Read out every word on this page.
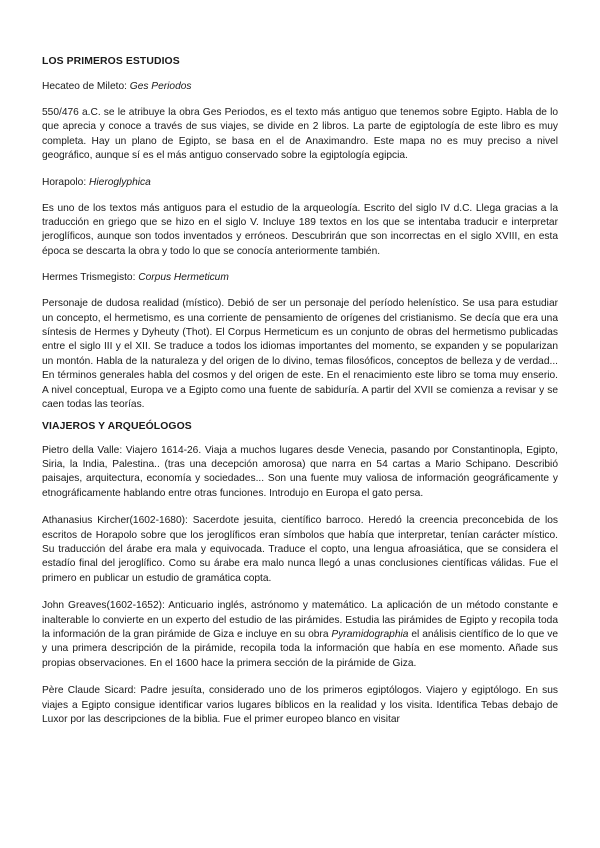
LOS PRIMEROS ESTUDIOS
Hecateo de Mileto: Ges Periodos

550/476 a.C. se le atribuye la obra Ges Periodos, es el texto más antiguo que tenemos sobre Egipto. Habla de lo que aprecia y conoce a través de sus viajes, se divide en 2 libros. La parte de egiptología de este libro es muy completa. Hay un plano de Egipto, se basa en el de Anaximandro. Este mapa no es muy preciso a nivel geográfico, aunque sí es el más antiguo conservado sobre la egiptología egipcia.

Horapolo: Hieroglyphica

Es uno de los textos más antiguos para el estudio de la arqueología. Escrito del siglo IV d.C. Llega gracias a la traducción en griego que se hizo en el siglo V. Incluye 189 textos en los que se intentaba traducir e interpretar jeroglíficos, aunque son todos inventados y erróneos. Descubrirán que son incorrectas en el siglo XVIII, en esta época se descarta la obra y todo lo que se conocía anteriormente también.

Hermes Trismegisto: Corpus Hermeticum

Personaje de dudosa realidad (místico). Debió de ser un personaje del período helenístico. Se usa para estudiar un concepto, el hermetismo, es una corriente de pensamiento de orígenes del cristianismo. Se decía que era una síntesis de Hermes y Dyheuty (Thot). El Corpus Hermeticum es un conjunto de obras del hermetismo publicadas entre el siglo III y el XII. Se traduce a todos los idiomas importantes del momento, se expanden y se popularizan un montón. Habla de la naturaleza y del origen de lo divino, temas filosóficos, conceptos de belleza y de verdad... En términos generales habla del cosmos y del origen de este. En el renacimiento este libro se toma muy enserio. A nivel conceptual, Europa ve a Egipto como una fuente de sabiduría. A partir del XVII se comienza a revisar y se caen todas las teorías.

VIAJEROS Y ARQUEÓLOGOS

Pietro della Valle: Viajero 1614-26. Viaja a muchos lugares desde Venecia, pasando por Constantinopla, Egipto, Siria, la India, Palestina.. (tras una decepción amorosa) que narra en 54 cartas a Mario Schipano. Describió paisajes, arquitectura, economía y sociedades... Son una fuente muy valiosa de información geográficamente y etnográficamente hablando entre otras funciones. Introdujo en Europa el gato persa.

Athanasius Kircher(1602-1680): Sacerdote jesuita, científico barroco. Heredó la creencia preconcebida de los escritos de Horapolo sobre que los jeroglíficos eran símbolos que había que interpretar, tenían carácter místico. Su traducción del árabe era mala y equivocada. Traduce el copto, una lengua afroasiática, que se considera el estadío final del jeroglífico. Como su árabe era malo nunca llegó a unas conclusiones científicas válidas. Fue el primero en publicar un estudio de gramática copta.

John Greaves(1602-1652): Anticuario inglés, astrónomo y matemático. La aplicación de un método constante e inalterable lo convierte en un experto del estudio de las pirámides. Estudia las pirámides de Egipto y recopila toda la información de la gran pirámide de Giza e incluye en su obra Pyramidographia el análisis científico de lo que ve y una primera descripción de la pirámide, recopila toda la información que había en ese momento. Añade sus propias observaciones. En el 1600 hace la primera sección de la pirámide de Giza.

Père Claude Sicard: Padre jesuíta, considerado uno de los primeros egiptólogos. Viajero y egiptólogo. En sus viajes a Egipto consigue identificar varios lugares bíblicos en la realidad y los visita. Identifica Tebas debajo de Luxor por las descripciones de la biblia. Fue el primer europeo blanco en visitar
